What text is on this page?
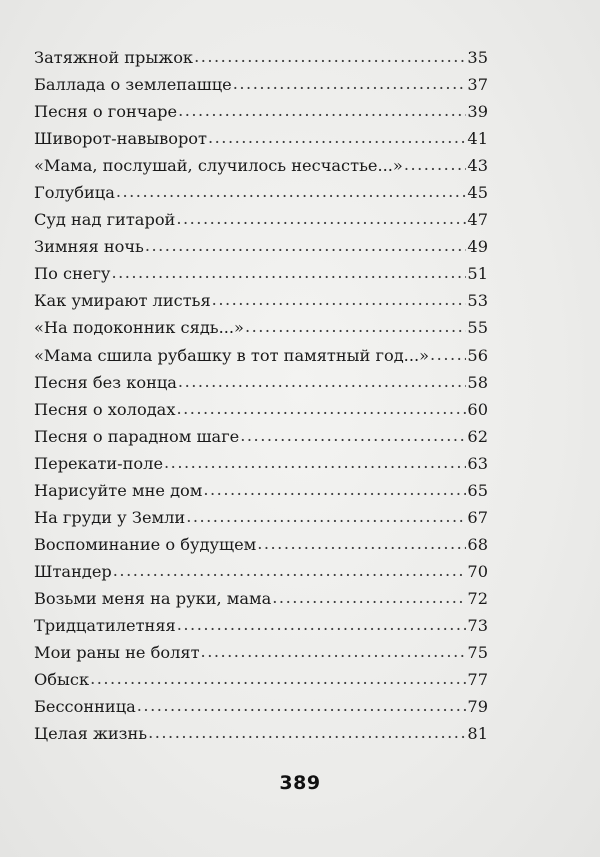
Затяжной прыжок .....	35
Баллада о землепашце .....	37
Песня о гончаре .....	39
Шиворот-навыворот .....	41
«Мама, послушай, случилось несчастье...» .....	43
Голубица .....	45
Суд над гитарой .....	47
Зимняя ночь .....	49
По снегу .....	51
Как умирают листья .....	53
«На подоконник сядь...» .....	55
«Мама сшила рубашку в тот памятный год...» ..... 56
Песня без конца .....	58
Песня о холодах .....	60
Песня о парадном шаге .....	62
Перекати-поле .....	63
Нарисуйте мне дом .....	65
На груди у Земли .....	67
Воспоминание о будущем .....	68
Штандер .....	70
Возьми меня на руки, мама .....	72
Тридцатилетняя .....	73
Мои раны не болят .....	75
Обыск .....	77
Бессонница .....	79
Целая жизнь .....	81
389
